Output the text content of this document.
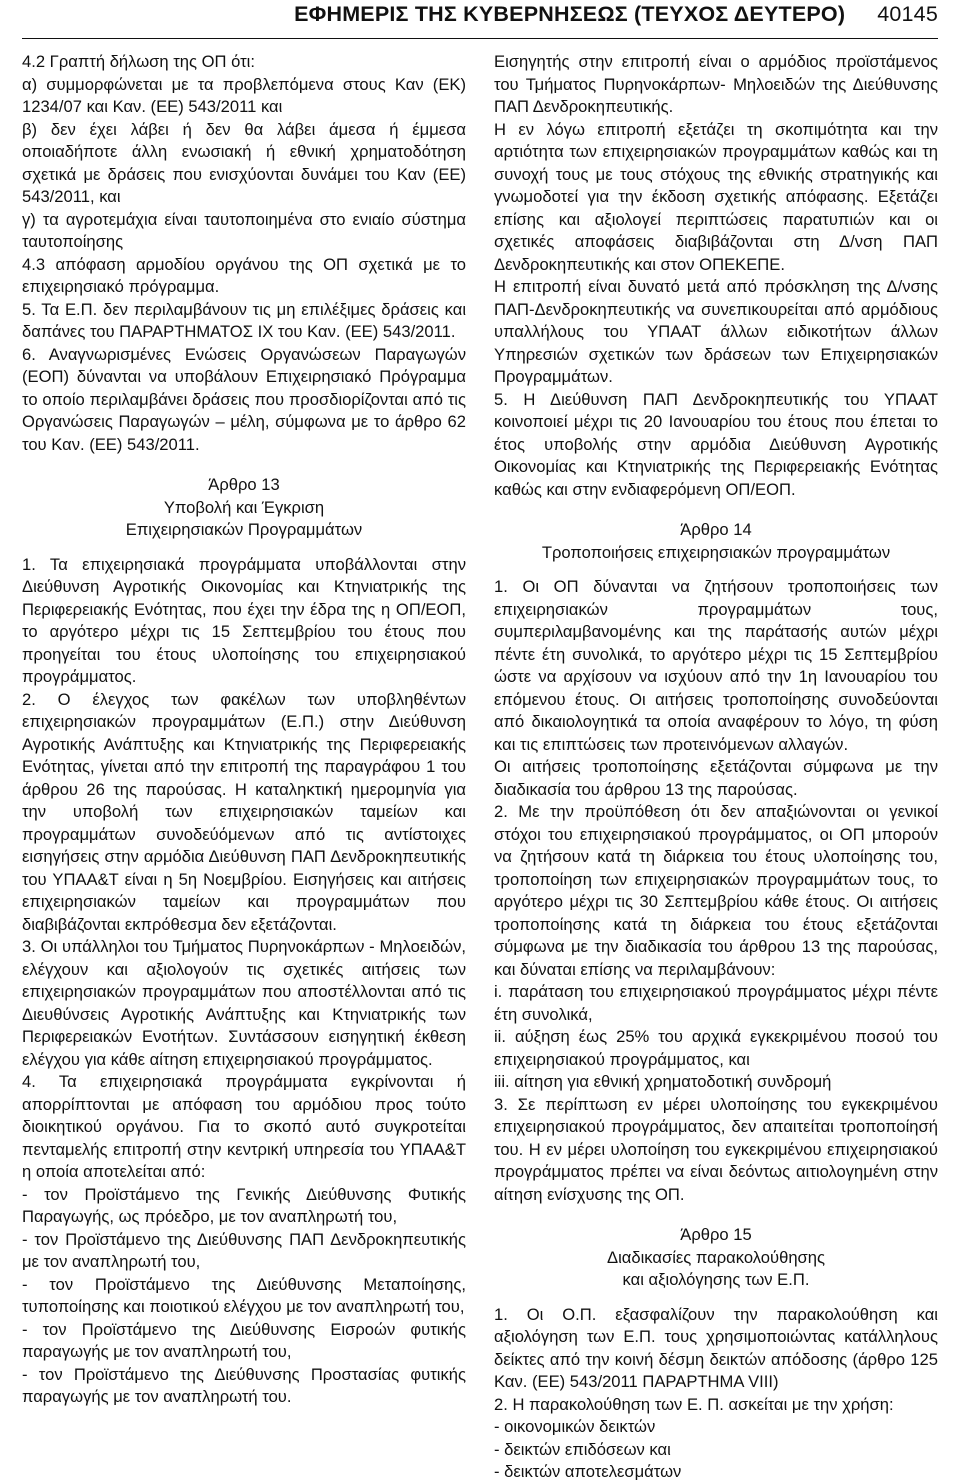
ΕΦΗΜΕΡΙΣ ΤΗΣ ΚΥΒΕΡΝΗΣΕΩΣ (ΤΕΥΧΟΣ ΔΕΥΤΕΡΟ) 40145

4.2 Γραπτή δήλωση της ΟΠ ότι:

α) συμμορφώνεται με τα προβλεπόμενα στους Καν (ΕΚ) 1234/07 και Καν. (ΕΕ) 543/2011 και

β) δεν έχει λάβει ή δεν θα λάβει άμεσα ή έμμεσα οποιαδήποτε άλλη ενωσιακή ή εθνική χρηματοδότηση σχετικά με δράσεις που ενισχύονται δυνάμει του Καν (ΕΕ) 543/2011, και

γ) τα αγροτεμάχια είναι ταυτοποιημένα στο ενιαίο σύστημα ταυτοποίησης

4.3 απόφαση αρμοδίου οργάνου της ΟΠ σχετικά με το επιχειρησιακό πρόγραμμα.

5. Τα Ε.Π. δεν περιλαμβάνουν τις μη επιλέξιμες δράσεις και δαπάνες του ΠΑΡΑΡΤΗΜΑΤΟΣ ΙΧ του Καν. (ΕΕ) 543/2011.

6. Αναγνωρισμένες Ενώσεις Οργανώσεων Παραγωγών (ΕΟΠ) δύνανται να υποβάλουν Επιχειρησιακό Πρόγραμμα το οποίο περιλαμβάνει δράσεις που προσδιορίζονται από τις Οργανώσεις Παραγωγών – μέλη, σύμφωνα με το άρθρο 62 του Καν. (ΕΕ) 543/2011.

Άρθρο 13
Υποβολή και Έγκριση
Επιχειρησιακών Προγραμμάτων

1. Τα επιχειρησιακά προγράμματα υποβάλλονται στην Διεύθυνση Αγροτικής Οικονομίας και Κτηνιατρικής της Περιφερειακής Ενότητας, που έχει την έδρα της η ΟΠ/ΕΟΠ, το αργότερο μέχρι τις 15 Σεπτεμβρίου του έτους που προηγείται του έτους υλοποίησης του επιχειρησιακού προγράμματος.

2. Ο έλεγχος των φακέλων των υποβληθέντων επιχειρησιακών προγραμμάτων (Ε.Π.) στην Διεύθυνση Αγροτικής Ανάπτυξης και Κτηνιατρικής της Περιφερειακής Ενότητας, γίνεται από την επιτροπή της παραγράφου 1 του άρθρου 26 της παρούσας. Η καταληκτική ημερομηνία για την υποβολή των επιχειρησιακών ταμείων και προγραμμάτων συνοδεύόμενων από τις αντίστοιχες εισηγήσεις στην αρμόδια Διεύθυνση ΠΑΠ Δενδροκηπευτικής του ΥΠΑΑ&Τ είναι η 5η Νοεμβρίου. Εισηγήσεις και αιτήσεις επιχειρησιακών ταμείων και προγραμμάτων που διαβιβάζονται εκπρόθεσμα δεν εξετάζονται.

3. Οι υπάλληλοι του Τμήματος Πυρηνοκάρπων - Μηλοειδών, ελέγχουν και αξιολογούν τις σχετικές αιτήσεις των επιχειρησιακών προγραμμάτων που αποστέλλονται από τις Διευθύνσεις Αγροτικής Ανάπτυξης και Κτηνιατρικής των Περιφερειακών Ενοτήτων. Συντάσσουν εισηγητική έκθεση ελέγχου για κάθε αίτηση επιχειρησιακού προγράμματος.

4. Τα επιχειρησιακά προγράμματα εγκρίνονται ή απορρίπτονται με απόφαση του αρμόδιου προς τούτο διοικητικού οργάνου. Για το σκοπό αυτό συγκροτείται πενταμελής επιτροπή στην κεντρική υπηρεσία του ΥΠΑΑ&Τ η οποία αποτελείται από:

- τον Προϊστάμενο της Γενικής Διεύθυνσης Φυτικής Παραγωγής, ως πρόεδρο, με τον αναπληρωτή του,

- τον Προϊστάμενο της Διεύθυνσης ΠΑΠ Δενδροκηπευτικής με τον αναπληρωτή του,

- τον Προϊστάμενο της Διεύθυνσης Μεταποίησης, τυποποίησης και ποιοτικού ελέγχου με τον αναπληρωτή του,

- τον Προϊστάμενο της Διεύθυνσης Εισροών φυτικής παραγωγής με τον αναπληρωτή του,

- τον Προϊστάμενο της Διεύθυνσης Προστασίας φυτικής παραγωγής με τον αναπληρωτή του.

Εισηγητής στην επιτροπή είναι ο αρμόδιος προϊστάμενος του Τμήματος Πυρηνοκάρπων- Μηλοειδών της Διεύθυνσης ΠΑΠ Δενδροκηπευτικής.

Η εν λόγω επιτροπή εξετάζει τη σκοπιμότητα και την αρτιότητα των επιχειρησιακών προγραμμάτων καθώς και τη συνοχή τους με τους στόχους της εθνικής στρατηγικής και γνωμοδοτεί για την έκδοση σχετικής απόφασης. Εξετάζει επίσης και αξιολογεί περιπτώσεις παρατυπιών και οι σχετικές αποφάσεις διαβιβάζονται στη Δ/νση ΠΑΠ Δενδροκηπευτικής και στον ΟΠΕΚΕΠΕ.

Η επιτροπή είναι δυνατό μετά από πρόσκληση της Δ/νσης ΠΑΠ-Δενδροκηπευτικής να συνεπικουρείται από αρμόδιους υπαλλήλους του ΥΠΑΑΤ άλλων ειδικοτήτων άλλων Υπηρεσιών σχετικών των δράσεων των Επιχειρησιακών Προγραμμάτων.

5. Η Διεύθυνση ΠΑΠ Δενδροκηπευτικής του ΥΠΑΑΤ κοινοποιεί μέχρι τις 20 Ιανουαρίου του έτους που έπεται το έτος υποβολής στην αρμόδια Διεύθυνση Αγροτικής Οικονομίας και Κτηνιατρικής της Περιφερειακής Ενότητας καθώς και στην ενδιαφερόμενη ΟΠ/ΕΟΠ.

Άρθρο 14
Τροποποιήσεις επιχειρησιακών προγραμμάτων

1. Οι ΟΠ δύνανται να ζητήσουν τροποποιήσεις των επιχειρησιακών προγραμμάτων τους, συμπεριλαμβανομένης και της παράτασής αυτών μέχρι πέντε έτη συνολικά, το αργότερο μέχρι τις 15 Σεπτεμβρίου ώστε να αρχίσουν να ισχύουν από την 1η Ιανουαρίου του επόμενου έτους. Οι αιτήσεις τροποποίησης συνοδεύονται από δικαιολογητικά τα οποία αναφέρουν το λόγο, τη φύση και τις επιπτώσεις των προτεινόμενων αλλαγών.

Οι αιτήσεις τροποποίησης εξετάζονται σύμφωνα με την διαδικασία του άρθρου 13 της παρούσας.

2. Με την προϋπόθεση ότι δεν απαξιώνονται οι γενικοί στόχοι του επιχειρησιακού προγράμματος, οι ΟΠ μπορούν να ζητήσουν κατά τη διάρκεια του έτους υλοποίησης του, τροποποίηση των επιχειρησιακών προγραμμάτων τους, το αργότερο μέχρι τις 30 Σεπτεμβρίου κάθε έτους. Οι αιτήσεις τροποποίησης κατά τη διάρκεια του έτους εξετάζονται σύμφωνα με την διαδικασία του άρθρου 13 της παρούσας, και δύναται επίσης να περιλαμβάνουν:

i. παράταση του επιχειρησιακού προγράμματος μέχρι πέντε έτη συνολικά,

ii. αύξηση έως 25% του αρχικά εγκεκριμένου ποσού του επιχειρησιακού προγράμματος, και

iii. αίτηση για εθνική χρηματοδοτική συνδρομή

3. Σε περίπτωση εν μέρει υλοποίησης του εγκεκριμένου επιχειρησιακού προγράμματος, δεν απαιτείται τροποποίησή του. Η εν μέρει υλοποίηση του εγκεκριμένου επιχειρησιακού προγράμματος πρέπει να είναι δεόντως αιτιολογημένη στην αίτηση ενίσχυσης της ΟΠ.

Άρθρο 15
Διαδικασίες παρακολούθησης
και αξιολόγησης των Ε.Π.

1. Οι Ο.Π. εξασφαλίζουν την παρακολούθηση και αξιολόγηση των Ε.Π. τους χρησιμοποιώντας κατάλληλους δείκτες από την κοινή δέσμη δεικτών απόδοσης (άρθρο 125 Καν. (ΕΕ) 543/2011 ΠΑΡΑΡΤΗΜΑ VIII)

2. Η παρακολούθηση των Ε. Π. ασκείται με την χρήση:

- οικονομικών δεικτών

- δεικτών επιδόσεων και

- δεικτών αποτελεσμάτων
